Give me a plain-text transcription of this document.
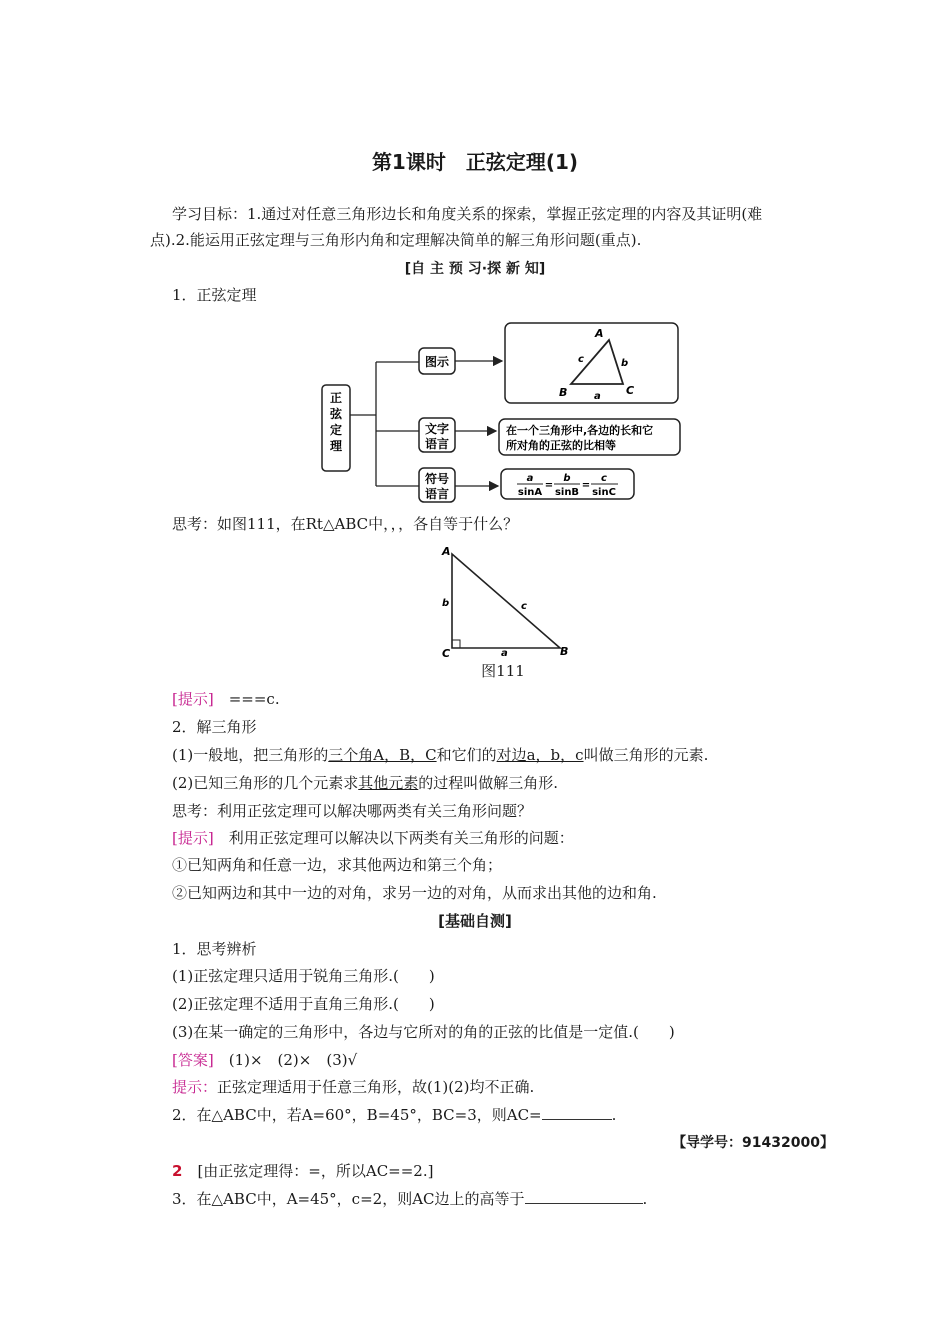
第1课时　正弦定理(1)
学习目标：1.通过对任意三角形边长和角度关系的探索，掌握正弦定理的内容及其证明(难
点).2.能运用正弦定理与三角形内角和定理解决简单的解三角形问题(重点).
[自 主 预 习·探 新 知]
1．正弦定理
正
弦
定
理
图示
文字
语言
符号
语言
A
B	C
a
b
c
在一个三角形中,各边的长和它
所对角的正弦的比相等
a
sinA
=
b
sinB
=
c
sinC
思考：如图111，在Rt△ABC中，，，各自等于什么？
A
C	B
b
a
c
图111
[提示]　===c.
2．解三角形
(1)一般地，把三角形的三个角A，B，C和它们的对边a，b，c叫做三角形的元素.
(2)已知三角形的几个元素求其他元素的过程叫做解三角形.
思考：利用正弦定理可以解决哪两类有关三角形问题？
[提示]　利用正弦定理可以解决以下两类有关三角形的问题：
①已知两角和任意一边，求其他两边和第三个角；
②已知两边和其中一边的对角，求另一边的对角，从而求出其他的边和角.
[基础自测]
1．思考辨析
(1)正弦定理只适用于锐角三角形.(　　)
(2)正弦定理不适用于直角三角形.(　　)
(3)在某一确定的三角形中，各边与它所对的角的正弦的比值是一定值.(　　)
[答案]　(1)×　(2)×　(3)√
提示：正弦定理适用于任意三角形，故(1)(2)均不正确.
2．在△ABC中，若A=60°，B=45°，BC=3，则AC=	.
【导学号：91432000】
2　[由正弦定理得：=，所以AC==2.]
3．在△ABC中，A=45°，c=2，则AC边上的高等于	.
